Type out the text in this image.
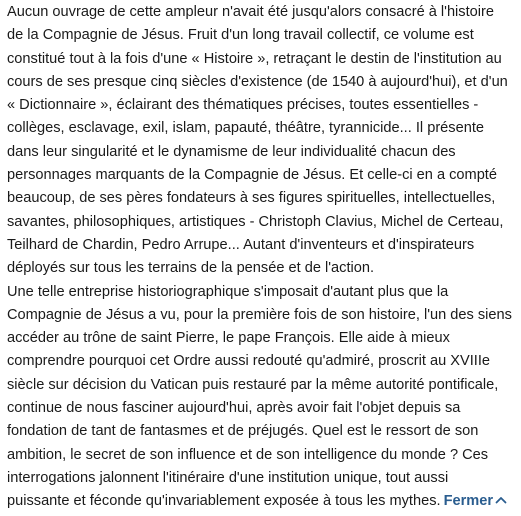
Aucun ouvrage de cette ampleur n'avait été jusqu'alors consacré à l'histoire de la Compagnie de Jésus. Fruit d'un long travail collectif, ce volume est constitué tout à la fois d'une « Histoire », retraçant le destin de l'institution au cours de ses presque cinq siècles d'existence (de 1540 à aujourd'hui), et d'un « Dictionnaire », éclairant des thématiques précises, toutes essentielles - collèges, esclavage, exil, islam, papauté, théâtre, tyrannicide... Il présente dans leur singularité et le dynamisme de leur individualité chacun des personnages marquants de la Compagnie de Jésus. Et celle-ci en a compté beaucoup, de ses pères fondateurs à ses figures spirituelles, intellectuelles, savantes, philosophiques, artistiques - Christoph Clavius, Michel de Certeau, Teilhard de Chardin, Pedro Arrupe... Autant d'inventeurs et d'inspirateurs déployés sur tous les terrains de la pensée et de l'action.

Une telle entreprise historiographique s'imposait d'autant plus que la Compagnie de Jésus a vu, pour la première fois de son histoire, l'un des siens accéder au trône de saint Pierre, le pape François. Elle aide à mieux comprendre pourquoi cet Ordre aussi redouté qu'admiré, proscrit au XVIIIe siècle sur décision du Vatican puis restauré par la même autorité pontificale, continue de nous fasciner aujourd'hui, après avoir fait l'objet depuis sa fondation de tant de fantasmes et de préjugés. Quel est le ressort de son ambition, le secret de son influence et de son intelligence du monde ? Ces interrogations jalonnent l'itinéraire d'une institution unique, tout aussi puissante et féconde qu'invariablement exposée à tous les mythes. Fermer
